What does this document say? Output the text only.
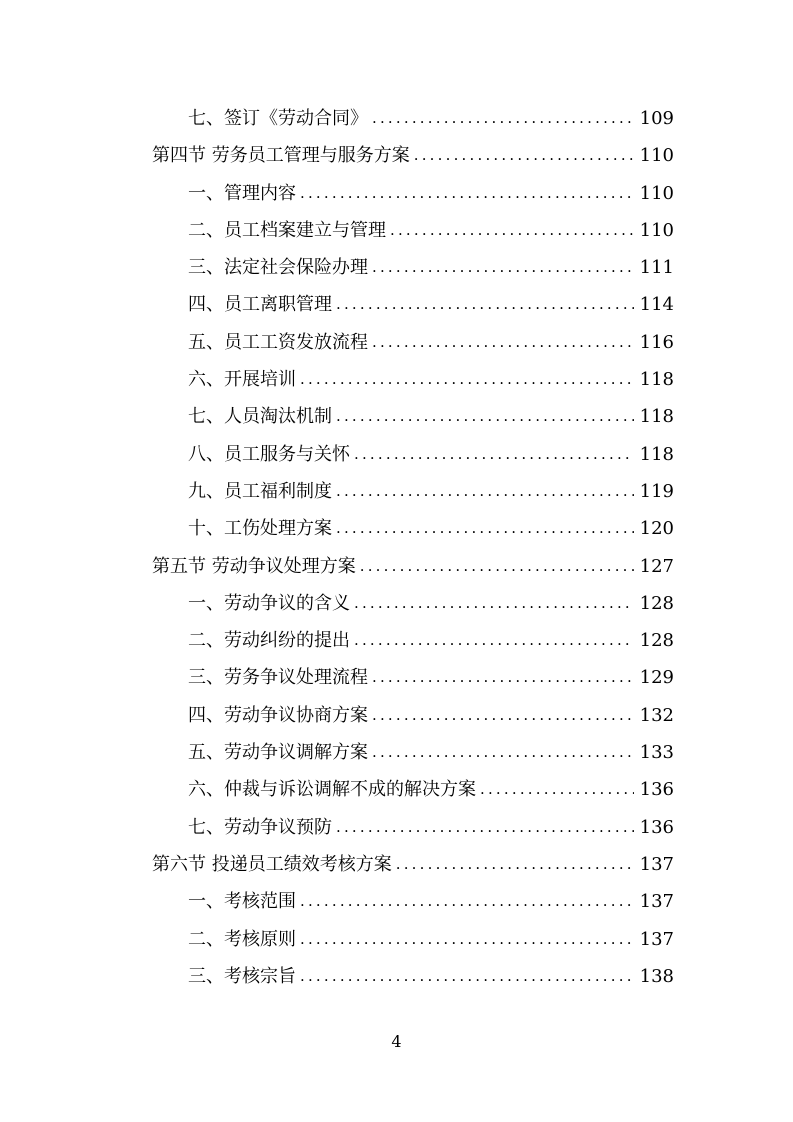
七、签订《劳动合同》 .....	109
第四节 劳务员工管理与服务方案 .....	110
一、管理内容 .....	110
二、员工档案建立与管理 .....	110
三、法定社会保险办理 .....	111
四、员工离职管理 .....	114
五、员工工资发放流程 .....	116
六、开展培训 .....	118
七、人员淘汰机制 .....	118
八、员工服务与关怀 .....	118
九、员工福利制度 .....	119
十、工伤处理方案 .....	120
第五节 劳动争议处理方案 .....	127
一、劳动争议的含义 .....	128
二、劳动纠纷的提出 .....	128
三、劳务争议处理流程 .....	129
四、劳动争议协商方案 .....	132
五、劳动争议调解方案 .....	133
六、仲裁与诉讼调解不成的解决方案 .....	136
七、劳动争议预防 .....	136
第六节 投递员工绩效考核方案 .....	137
一、考核范围 .....	137
二、考核原则 .....	137
三、考核宗旨 .....	138
4
